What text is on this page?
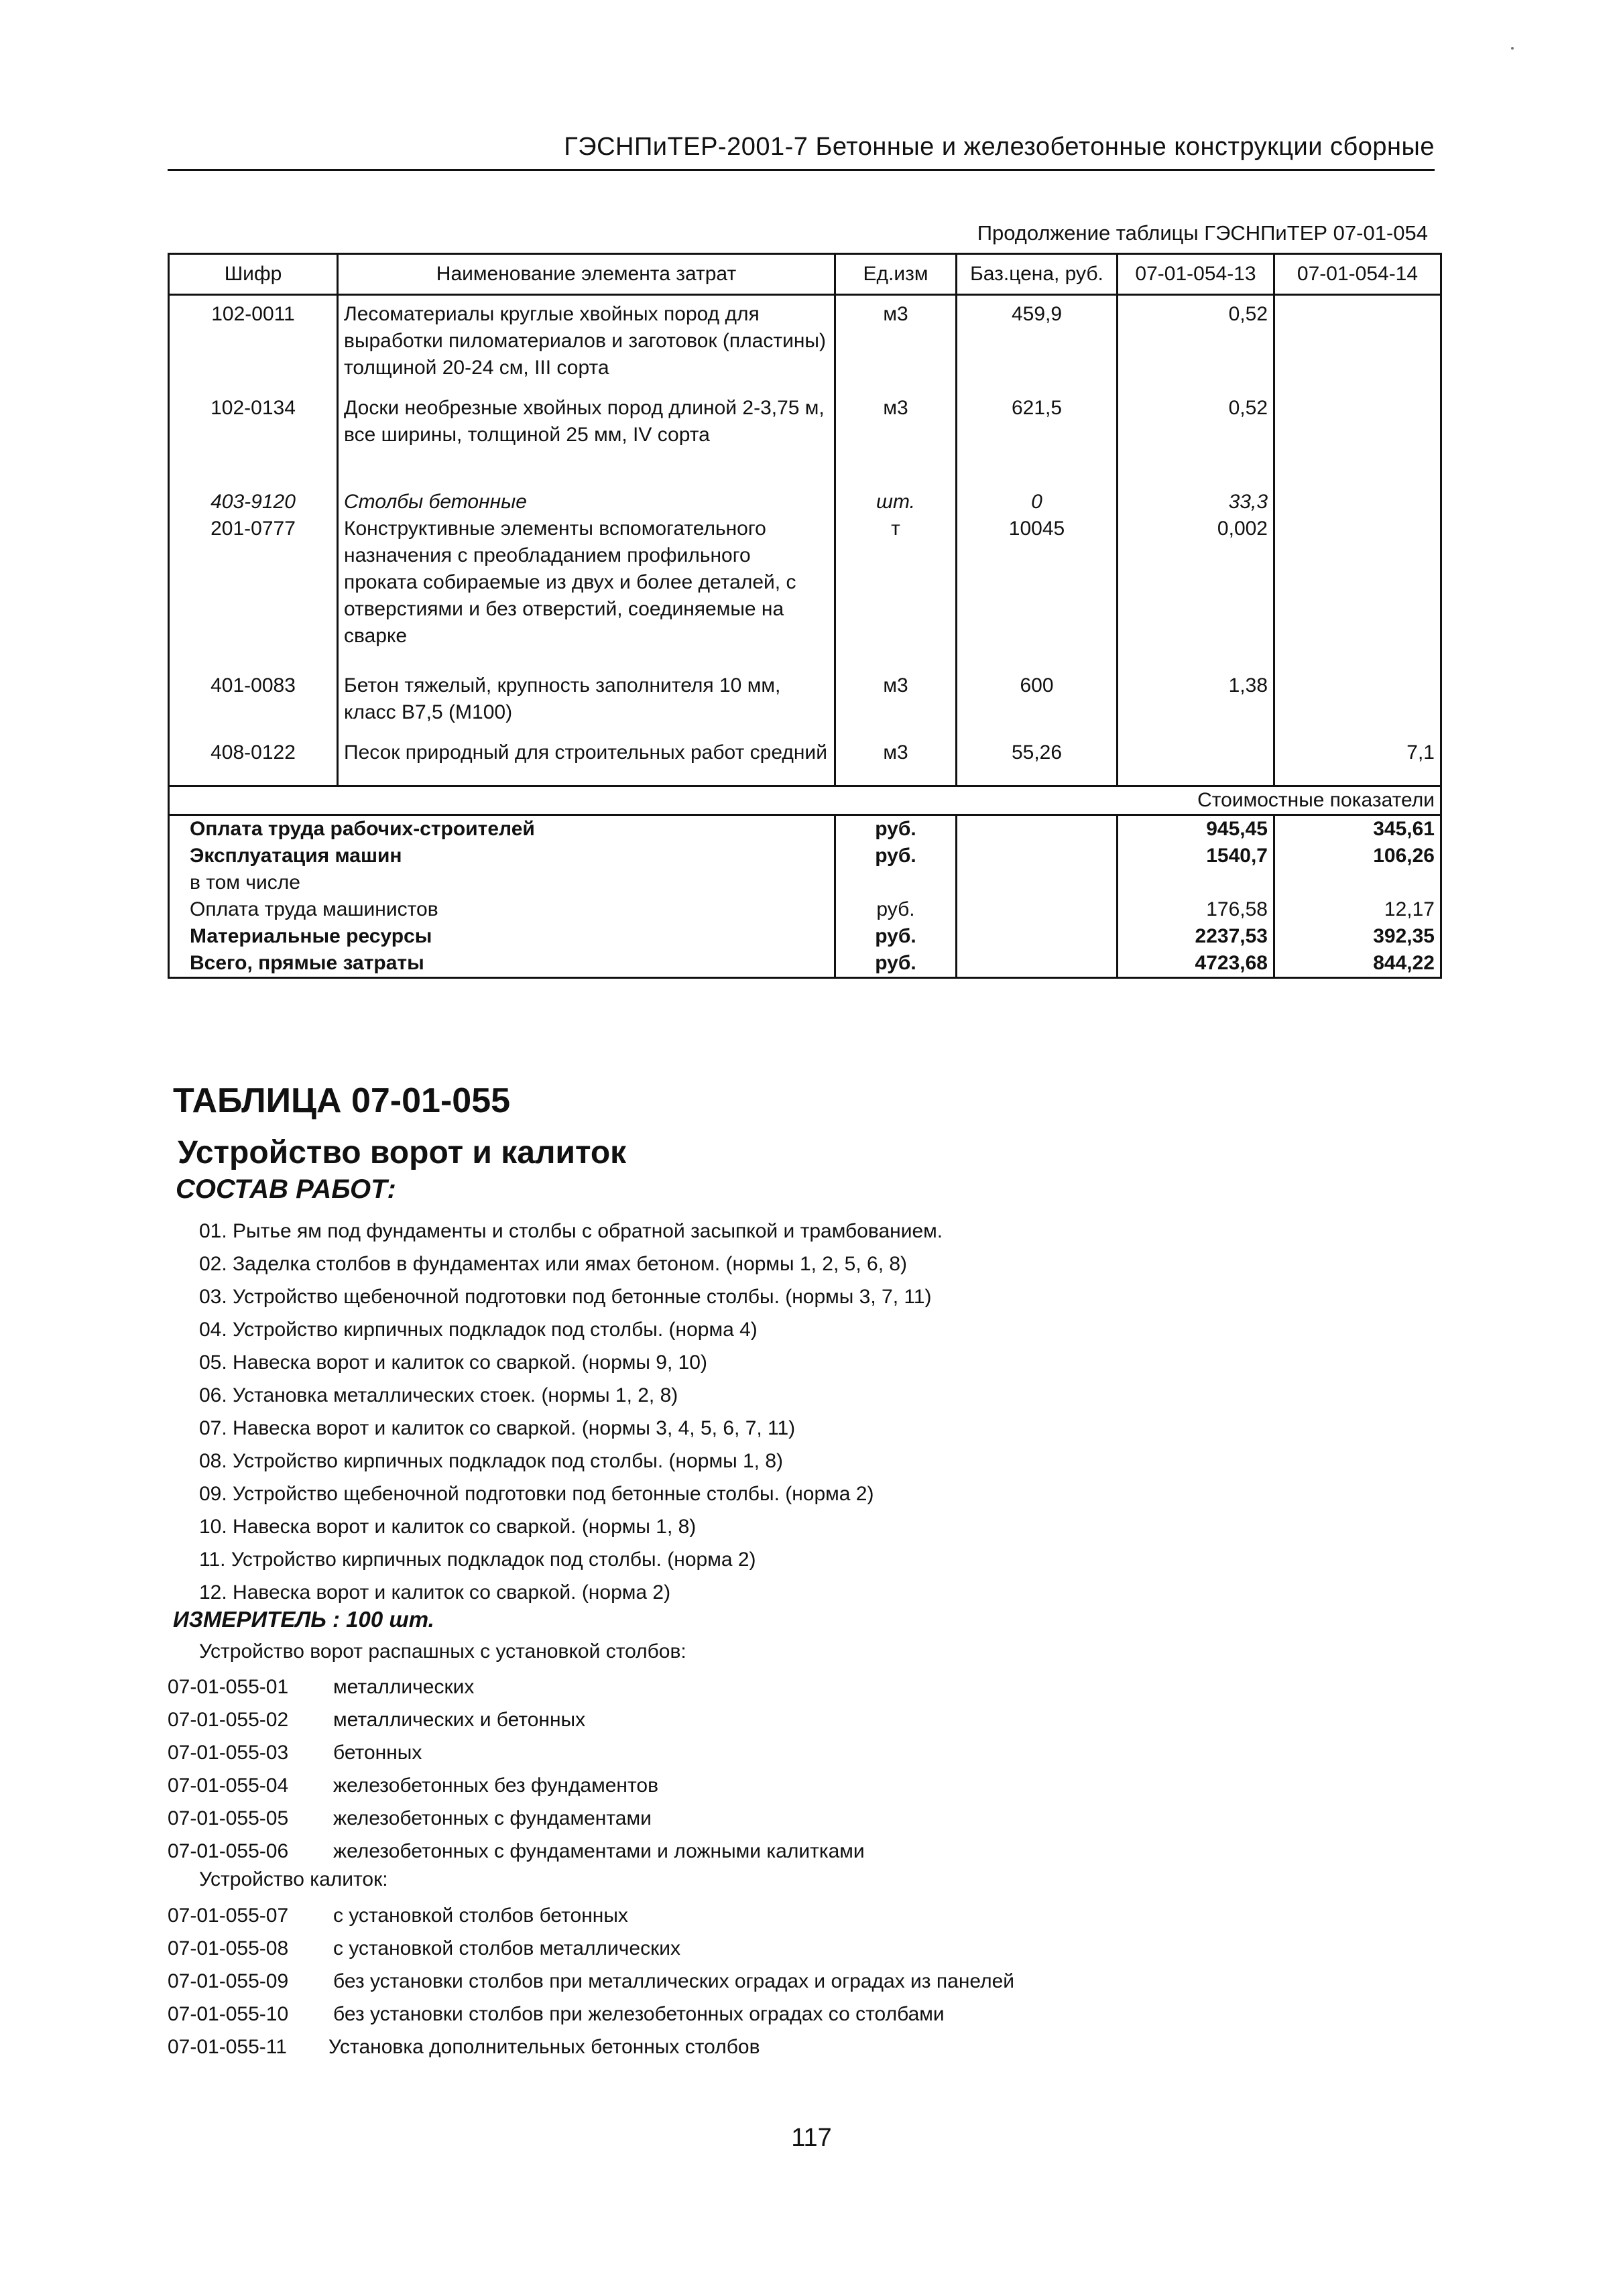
ГЭСНПиТЕР-2001-7 Бетонные и железобетонные конструкции сборные
Продолжение таблицы ГЭСНПиТЕР 07-01-054
Шифр	Наименование элемента затрат	Ед.изм	Баз.цена, руб.	07-01-054-13	07-01-054-14
102-0011	Лесоматериалы круглые хвойных пород для выработки пиломатериалов и заготовок (пластины) толщиной 20-24 см, III сорта	м3	459,9	0,52	

102-0134	Доски необрезные хвойных пород длиной 2-3,75 м, все ширины, толщиной 25 мм, IV сорта	м3	621,5	0,52	

403-9120	Столбы бетонные	шт.	0	33,3	
201-0777	Конструктивные элементы вспомогательного назначения с преобладанием профильного проката собираемые из двух и более деталей, с отверстиями и без отверстий, соединяемые на сварке	т	10045	0,002	

401-0083	Бетон тяжелый, крупность заполнителя 10 мм, класс В7,5 (М100)	м3	600	1,38	

408-0122	Песок природный для строительных работ средний	м3	55,26		7,1

Стоимостные показатели					
Оплата труда рабочих-строителей		руб.		945,45	345,61
Эксплуатация машин		руб.		1540,7	106,26
в том числе					
Оплата труда машинистов		руб.		176,58	12,17
Материальные ресурсы		руб.		2237,53	392,35
Всего, прямые затраты		руб.		4723,68	844,22
ТАБЛИЦА 07-01-055
Устройство ворот и калиток
СОСТАВ РАБОТ:
01. Рытье ям под фундаменты и столбы с обратной засыпкой и трамбованием.
02. Заделка столбов в фундаментах или ямах бетоном. (нормы 1, 2, 5, 6, 8)
03. Устройство щебеночной подготовки под бетонные столбы. (нормы 3, 7, 11)
04. Устройство кирпичных подкладок под столбы. (норма 4)
05. Навеска ворот и калиток со сваркой. (нормы 9, 10)
06. Установка металлических стоек. (нормы 1, 2, 8)
07. Навеска ворот и калиток со сваркой. (нормы 3, 4, 5, 6, 7, 11)
08. Устройство кирпичных подкладок под столбы. (нормы 1, 8)
09. Устройство щебеночной подготовки под бетонные столбы. (норма 2)
10. Навеска ворот и калиток со сваркой. (нормы 1, 8)
11. Устройство кирпичных подкладок под столбы. (норма 2)
12. Навеска ворот и калиток со сваркой. (норма 2)
ИЗМЕРИТЕЛЬ : 100 шт.
Устройство ворот распашных с установкой столбов:
07-01-055-01 металлических
07-01-055-02 металлических и бетонных
07-01-055-03 бетонных
07-01-055-04 железобетонных без фундаментов
07-01-055-05 железобетонных с фундаментами
07-01-055-06 железобетонных с фундаментами и ложными калитками
Устройство калиток:
07-01-055-07 с установкой столбов бетонных
07-01-055-08 с установкой столбов металлических
07-01-055-09 без установки столбов при металлических оградах и оградах из панелей
07-01-055-10 без установки столбов при железобетонных оградах со столбами
07-01-055-11 Установка дополнительных бетонных столбов
117
